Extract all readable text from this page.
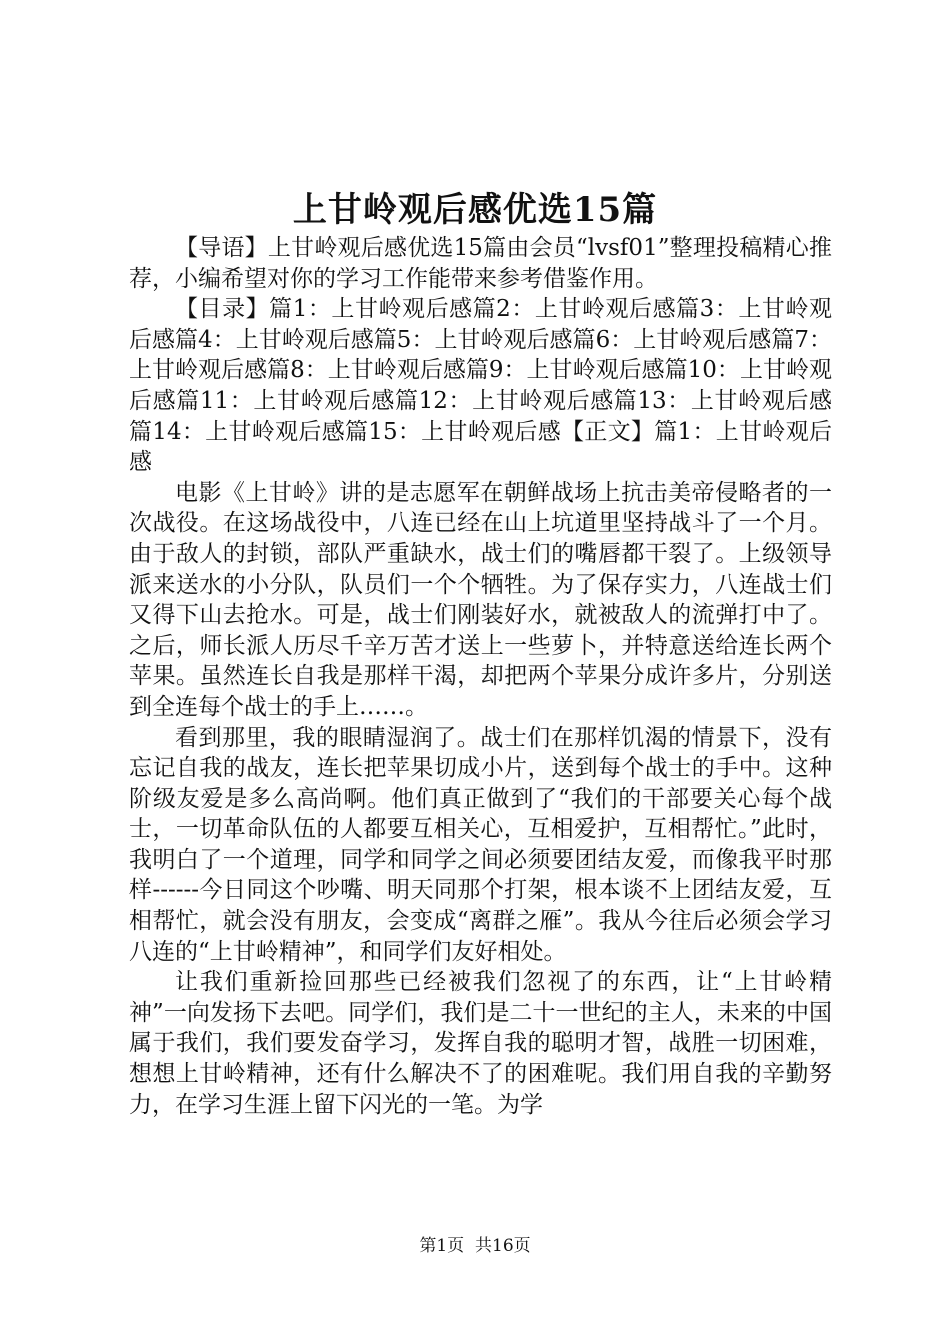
上甘岭观后感优选15篇

【导语】上甘岭观后感优选15篇由会员“lvsf01”整理投稿精心推荐，小编希望对你的学习工作能带来参考借鉴作用。

【目录】篇1：上甘岭观后感篇2：上甘岭观后感篇3：上甘岭观后感篇4：上甘岭观后感篇5：上甘岭观后感篇6：上甘岭观后感篇7：上甘岭观后感篇8：上甘岭观后感篇9：上甘岭观后感篇10：上甘岭观后感篇11：上甘岭观后感篇12：上甘岭观后感篇13：上甘岭观后感篇14：上甘岭观后感篇15：上甘岭观后感【正文】篇1：上甘岭观后感

电影《上甘岭》讲的是志愿军在朝鲜战场上抗击美帝侵略者的一次战役。在这场战役中，八连已经在山上坑道里坚持战斗了一个月。由于敌人的封锁，部队严重缺水，战士们的嘴唇都干裂了。上级领导派来送水的小分队，队员们一个个牺牲。为了保存实力，八连战士们又得下山去抢水。可是，战士们刚装好水，就被敌人的流弹打中了。之后，师长派人历尽千辛万苦才送上一些萝卜，并特意送给连长两个苹果。虽然连长自我是那样干渴，却把两个苹果分成许多片，分别送到全连每个战士的手上……。

看到那里，我的眼睛湿润了。战士们在那样饥渴的情景下，没有忘记自我的战友，连长把苹果切成小片，送到每个战士的手中。这种阶级友爱是多么高尚啊。他们真正做到了“我们的干部要关心每个战士，一切革命队伍的人都要互相关心，互相爱护，互相帮忙。”此时，我明白了一个道理，同学和同学之间必须要团结友爱，而像我平时那样------今日同这个吵嘴、明天同那个打架，根本谈不上团结友爱，互相帮忙，就会没有朋友，会变成“离群之雁”。我从今往后必须会学习八连的“上甘岭精神”，和同学们友好相处。

让我们重新捡回那些已经被我们忽视了的东西，让“上甘岭精神”一向发扬下去吧。同学们，我们是二十一世纪的主人，未来的中国属于我们，我们要发奋学习，发挥自我的聪明才智，战胜一切困难，想想上甘岭精神，还有什么解决不了的困难呢。我们用自我的辛勤努力，在学习生涯上留下闪光的一笔。为学

第1页 共16页
